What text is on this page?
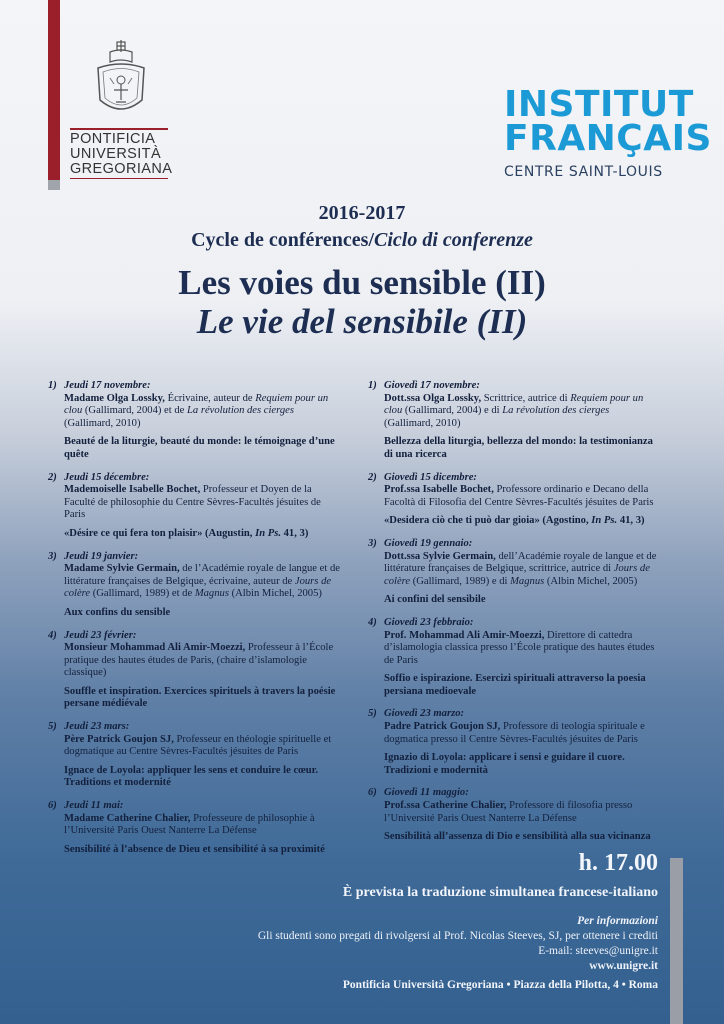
PONTIFICIA
UNIVERSITÀ
GREGORIANA
INSTITUT
FRANÇAIS
CENTRE SAINT-LOUIS
2016-2017
Cycle de conférences/Ciclo di conferenze
Les voies du sensible (II)
Le vie del sensibile (II)
1) Jeudi 17 novembre:
Madame Olga Lossky, Écrivaine, auteur de Requiem pour un clou (Gallimard, 2004) et de La révolution des cierges (Gallimard, 2010)
Beauté de la liturgie, beauté du monde: le témoignage d’une quête
2) Jeudi 15 décembre:
Mademoiselle Isabelle Bochet, Professeur et Doyen de la Faculté de philosophie du Centre Sèvres-Facultés jésuites de Paris
«Désire ce qui fera ton plaisir» (Augustin, In Ps. 41, 3)
3) Jeudi 19 janvier:
Madame Sylvie Germain, de l’Académie royale de langue et de littérature françaises de Belgique, écrivaine, auteur de Jours de colère (Gallimard, 1989) et de Magnus (Albin Michel, 2005)
Aux confins du sensible
4) Jeudi 23 février:
Monsieur Mohammad Ali Amir-Moezzi, Professeur à l’École pratique des hautes études de Paris, (chaire d’islamologie classique)
Souffle et inspiration. Exercices spirituels à travers la poésie persane médiévale
5) Jeudi 23 mars:
Père Patrick Goujon SJ, Professeur en théologie spirituelle et dogmatique au Centre Sèvres-Facultés jésuites de Paris
Ignace de Loyola: appliquer les sens et conduire le cœur. Traditions et modernité
6) Jeudi 11 mai:
Madame Catherine Chalier, Professeure de philosophie à l’Université Paris Ouest Nanterre La Défense
Sensibilité à l’absence de Dieu et sensibilité à sa proximité
1) Giovedì 17 novembre:
Dott.ssa Olga Lossky, Scrittrice, autrice di Requiem pour un clou (Gallimard, 2004) e di La révolution des cierges (Gallimard, 2010)
Bellezza della liturgia, bellezza del mondo: la testimonianza di una ricerca
2) Giovedì 15 dicembre:
Prof.ssa Isabelle Bochet, Professore ordinario e Decano della Facoltà di Filosofia del Centre Sèvres-Facultés jésuites de Paris
«Desidera ciò che ti può dar gioia» (Agostino, In Ps. 41, 3)
3) Giovedì 19 gennaio:
Dott.ssa Sylvie Germain, dell’Académie royale de langue et de littérature françaises de Belgique, scrittrice, autrice di Jours de colère (Gallimard, 1989) e di Magnus (Albin Michel, 2005)
Ai confini del sensibile
4) Giovedì 23 febbraio:
Prof. Mohammad Ali Amir-Moezzi, Direttore di cattedra d’islamologia classica presso l’École pratique des hautes études de Paris
Soffio e ispirazione. Esercizi spirituali attraverso la poesia persiana medioevale
5) Giovedì 23 marzo:
Padre Patrick Goujon SJ, Professore di teologia spirituale e dogmatica presso il Centre Sèvres-Facultés jésuites de Paris
Ignazio di Loyola: applicare i sensi e guidare il cuore. Tradizioni e modernità
6) Giovedì 11 maggio:
Prof.ssa Catherine Chalier, Professore di filosofia presso l’Université Paris Ouest Nanterre La Défense
Sensibilità all’assenza di Dio e sensibilità alla sua vicinanza
h. 17.00
È prevista la traduzione simultanea francese-italiano
Per informazioni
Gli studenti sono pregati di rivolgersi al Prof. Nicolas Steeves, SJ, per ottenere i crediti
E-mail: steeves@unigre.it
www.unigre.it
Pontificia Università Gregoriana • Piazza della Pilotta, 4 • Roma
